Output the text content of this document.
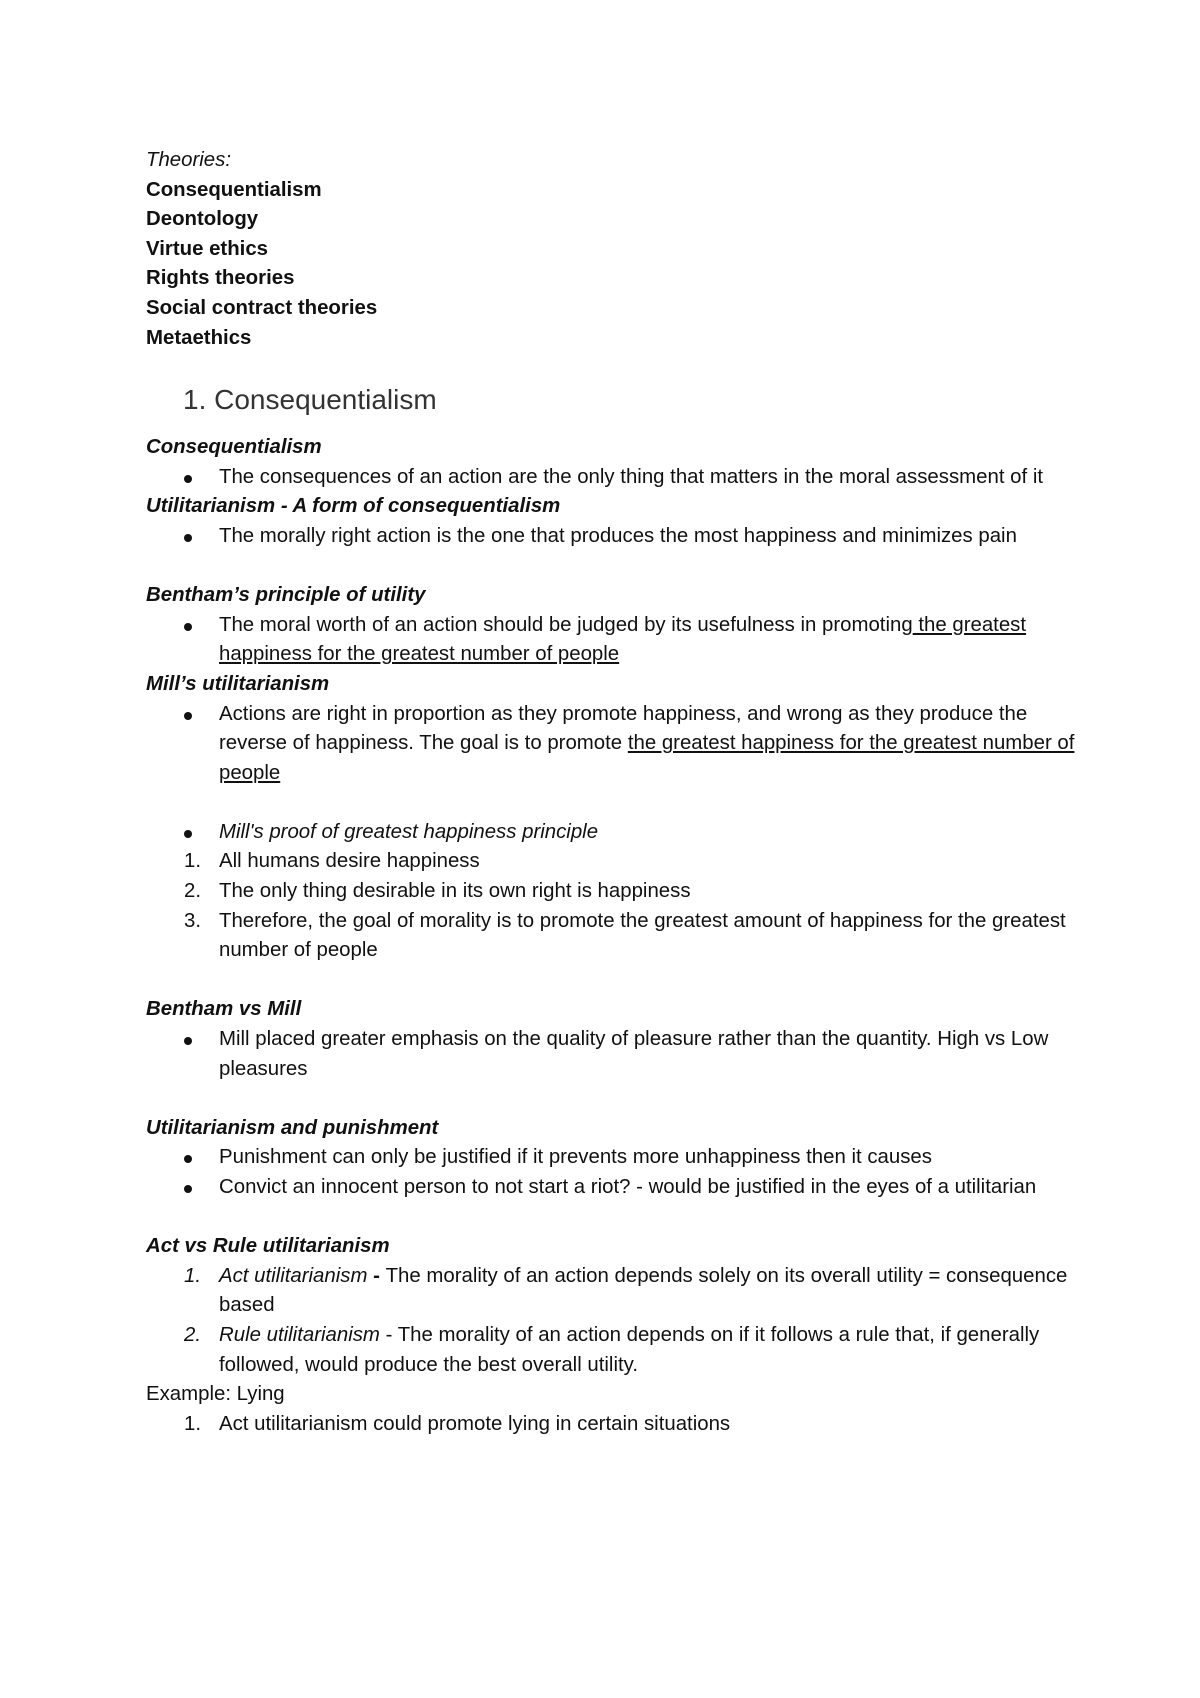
Theories:

Consequentialism

Deontology

Virtue ethics

Rights theories

Social contract theories

Metaethics

1. Consequentialism

Consequentialism

The consequences of an action are the only thing that matters in the moral assessment of it

Utilitarianism - A form of consequentialism

The morally right action is the one that produces the most happiness and minimizes pain

Bentham’s principle of utility

The moral worth of an action should be judged by its usefulness in promoting the greatest happiness for the greatest number of people

Mill’s utilitarianism

Actions are right in proportion as they promote happiness, and wrong as they produce the reverse of happiness. The goal is to promote the greatest happiness for the greatest number of people
Mill's proof of greatest happiness principle
1. All humans desire happiness
2. The only thing desirable in its own right is happiness
3. Therefore, the goal of morality is to promote the greatest amount of happiness for the greatest number of people

Bentham vs Mill

Mill placed greater emphasis on the quality of pleasure rather than the quantity. High vs Low pleasures

Utilitarianism and punishment

Punishment can only be justified if it prevents more unhappiness then it causes
Convict an innocent person to not start a riot? - would be justified in the eyes of a utilitarian

Act vs Rule utilitarianism

1. Act utilitarianism - The morality of an action depends solely on its overall utility = consequence based
2. Rule utilitarianism - The morality of an action depends on if it follows a rule that, if generally followed, would produce the best overall utility.

Example: Lying

1. Act utilitarianism could promote lying in certain situations
